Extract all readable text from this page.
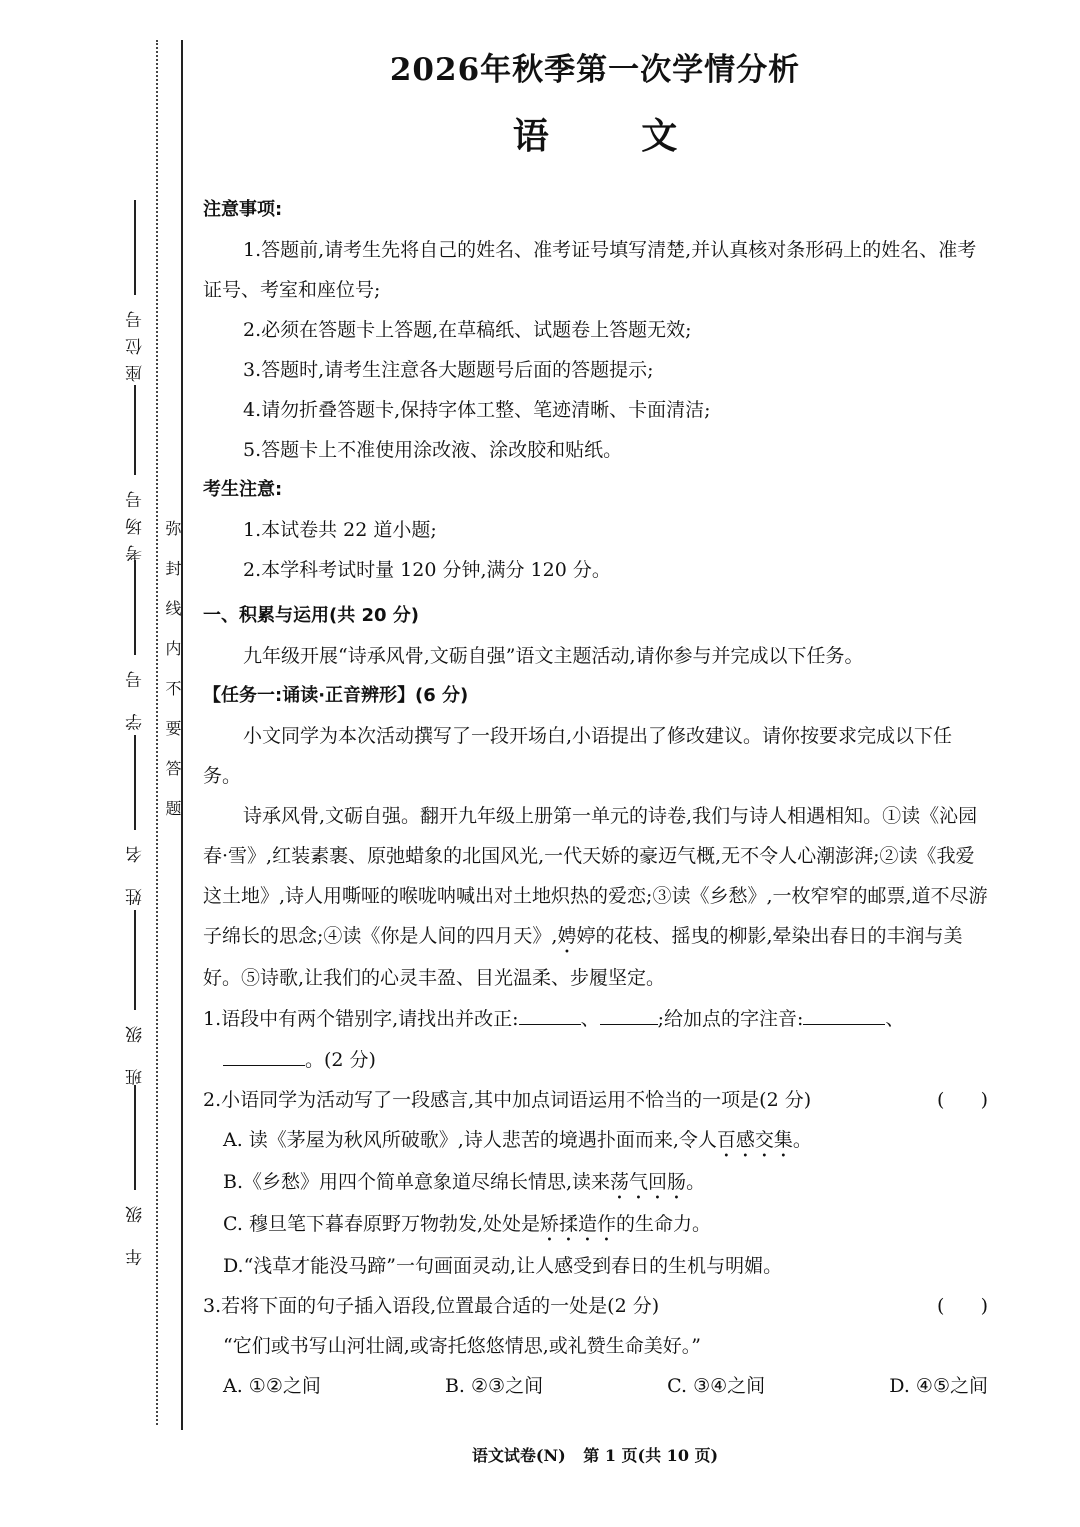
座位号
考场号
学 号
姓 名
班 级
年 级
弥封线内不要答题
2026年秋季第一次学情分析
语 文

注意事项:

1.答题前,请考生先将自己的姓名、准考证号填写清楚,并认真核对条形码上的姓名、准考证号、考室和座位号;

2.必须在答题卡上答题,在草稿纸、试题卷上答题无效;

3.答题时,请考生注意各大题题号后面的答题提示;

4.请勿折叠答题卡,保持字体工整、笔迹清晰、卡面清洁;

5.答题卡上不准使用涂改液、涂改胶和贴纸。

考生注意:

1.本试卷共 22 道小题;

2.本学科考试时量 120 分钟,满分 120 分。

一、积累与运用(共 20 分)

九年级开展“诗承风骨,文砺自强”语文主题活动,请你参与并完成以下任务。

【任务一:诵读·正音辨形】(6 分)

小文同学为本次活动撰写了一段开场白,小语提出了修改建议。请你按要求完成以下任务。

诗承风骨,文砺自强。翻开九年级上册第一单元的诗卷,我们与诗人相遇相知。①读《沁园春·雪》,红装素裹、原弛蜡象的北国风光,一代天娇的豪迈气概,无不令人心潮澎湃;②读《我爱这土地》,诗人用嘶哑的喉咙呐喊出对土地炽热的爱恋;③读《乡愁》,一枚窄窄的邮票,道不尽游子绵长的思念;④读《你是人间的四月天》,娉婷的花枝、摇曳的柳影,晕染出春日的丰润与美好。⑤诗歌,让我们的心灵丰盈、目光温柔、步履坚定。

1.语段中有两个错别字,请找出并改正:	、	;给加点的字注音:	、

。(2 分)

2.小语同学为活动写了一段感言,其中加点词语运用不恰当的一项是(2 分)	(      )

A. 读《茅屋为秋风所破歌》,诗人悲苦的境遇扑面而来,令人百感交集。

B.《乡愁》用四个简单意象道尽绵长情思,读来荡气回肠。

C. 穆旦笔下暮春原野万物勃发,处处是矫揉造作的生命力。

D.“浅草才能没马蹄”一句画面灵动,让人感受到春日的生机与明媚。

3.若将下面的句子插入语段,位置最合适的一处是(2 分)	(      )

“它们或书写山河壮阔,或寄托悠悠情思,或礼赞生命美好。”

A. ①②之间	B. ②③之间	C. ③④之间	D. ④⑤之间
语文试卷(N) 第 1 页(共 10 页)
